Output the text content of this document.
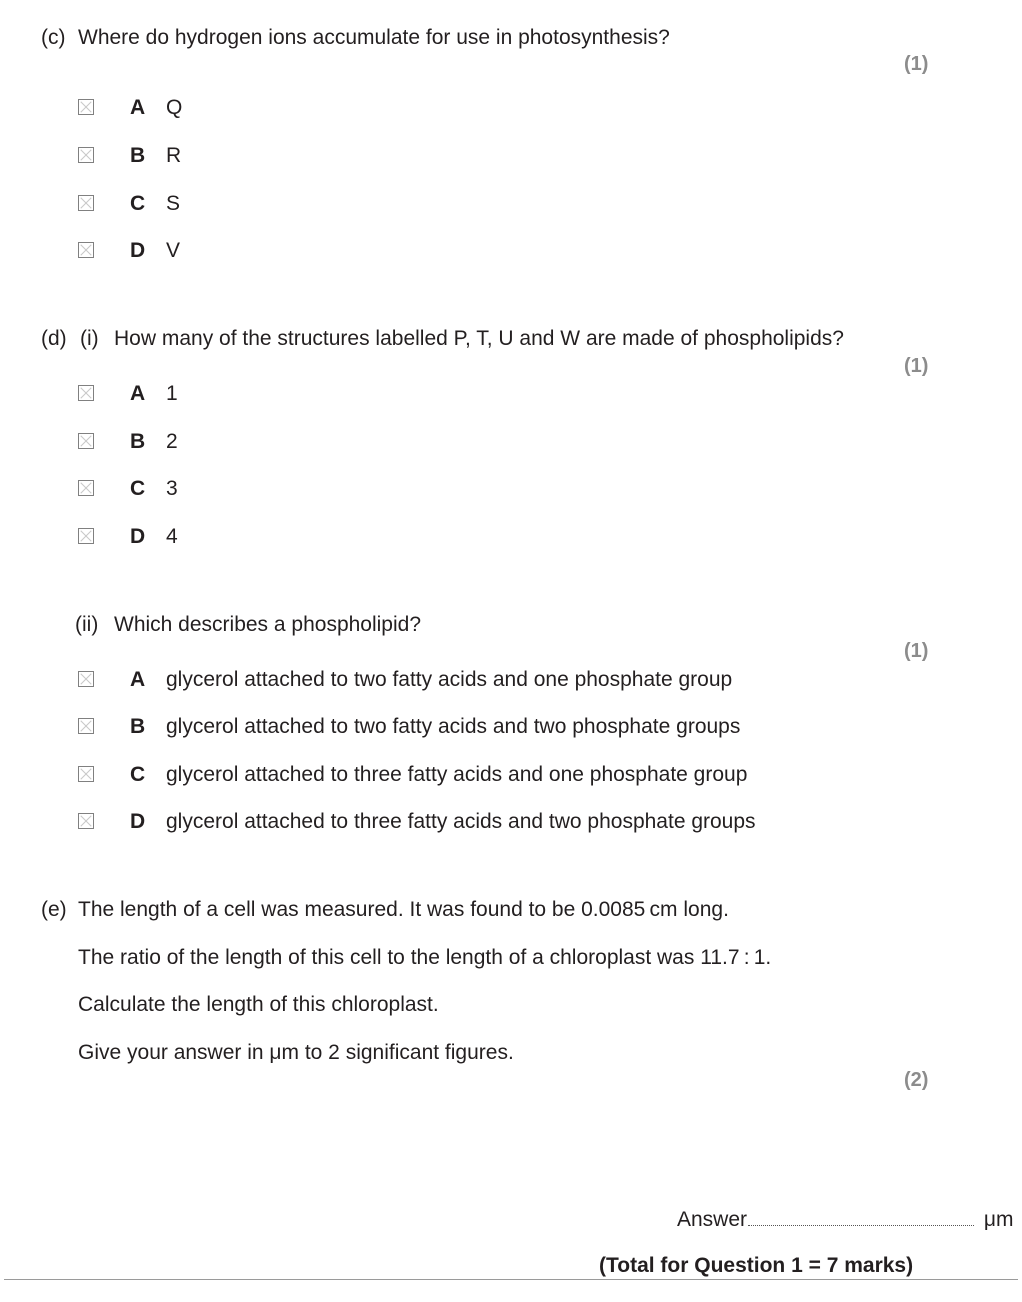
(c) Where do hydrogen ions accumulate for use in photosynthesis?
(1)
A Q
B R
C S
D V
(d) (i) How many of the structures labelled P, T, U and W are made of phospholipids?
(1)
A 1
B 2
C 3
D 4
(ii) Which describes a phospholipid?
(1)
A glycerol attached to two fatty acids and one phosphate group
B glycerol attached to two fatty acids and two phosphate groups
C glycerol attached to three fatty acids and one phosphate group
D glycerol attached to three fatty acids and two phosphate groups
(e) The length of a cell was measured. It was found to be 0.0085 cm long.
The ratio of the length of this cell to the length of a chloroplast was 11.7 : 1.
Calculate the length of this chloroplast.
Give your answer in μm to 2 significant figures.
(2)
Answer	μm
(Total for Question 1 = 7 marks)
